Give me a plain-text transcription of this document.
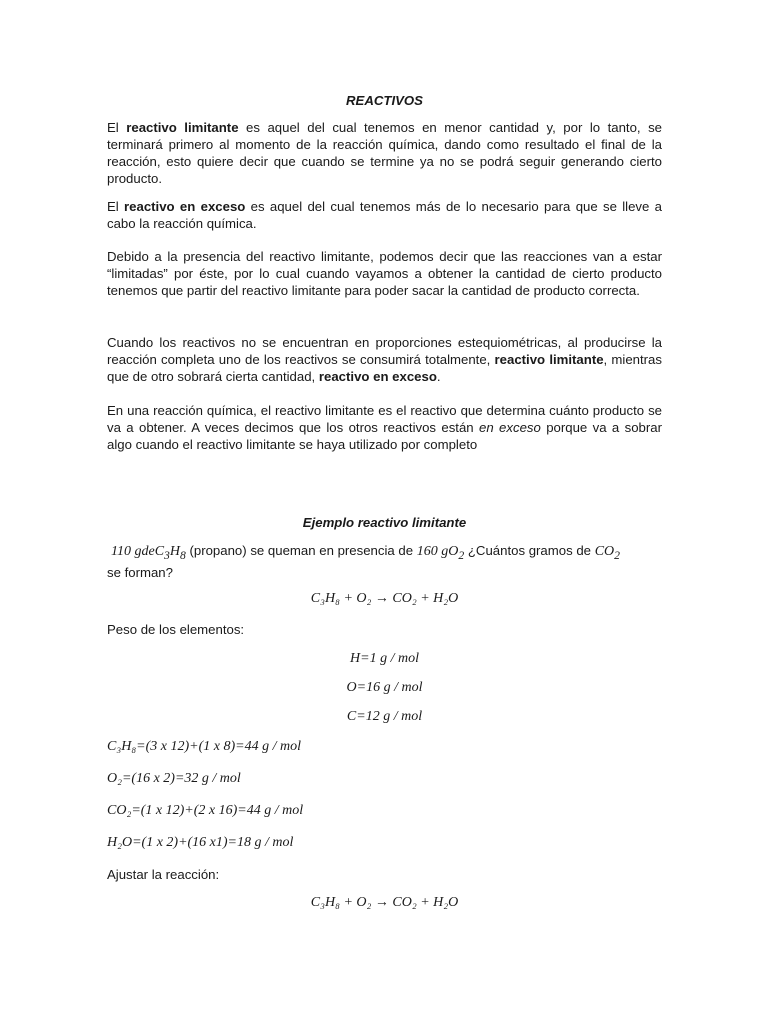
REACTIVOS

El reactivo limitante es aquel del cual tenemos en menor cantidad y, por lo tanto, se terminará primero al momento de la reacción química, dando como resultado el final de la reacción, esto quiere decir que cuando se termine ya no se podrá seguir generando cierto producto.

El reactivo en exceso es aquel del cual tenemos más de lo necesario para que se lleve a cabo la reacción química.

Debido a la presencia del reactivo limitante, podemos decir que las reacciones van a estar “limitadas” por éste, por lo cual cuando vayamos a obtener la cantidad de cierto producto tenemos que partir del reactivo limitante para poder sacar la cantidad de producto correcta.

Cuando los reactivos no se encuentran en proporciones estequiométricas, al producirse la reacción completa uno de los reactivos se consumirá totalmente, reactivo limitante, mientras que de otro sobrará cierta cantidad, reactivo en exceso.

En una reacción química, el reactivo limitante es el reactivo que determina cuánto producto se va a obtener. A veces decimos que los otros reactivos están en exceso porque va a sobrar algo cuando el reactivo limitante se haya utilizado por completo

Ejemplo reactivo limitante

110 $gdeC_3H_8$ (propano) se queman en presencia de 160 $gO_2$ ¿Cuántos gramos de $CO_2$
se forman?

C₃H₈ + O₂ → CO₂ + H₂O

Peso de los elementos:

H=1 g / mol

O=16 g / mol

C=12 g / mol

C₃H₈=(3 x 12)+(1 x 8)=44 g / mol

O₂=(16 x 2)=32 g / mol

CO₂=(1 x 12)+(2 x 16)=44 g / mol

H₂O=(1 x 2)+(16 x1)=18 g / mol

Ajustar la reacción:

C₃H₈ + O₂ → CO₂ + H₂O
